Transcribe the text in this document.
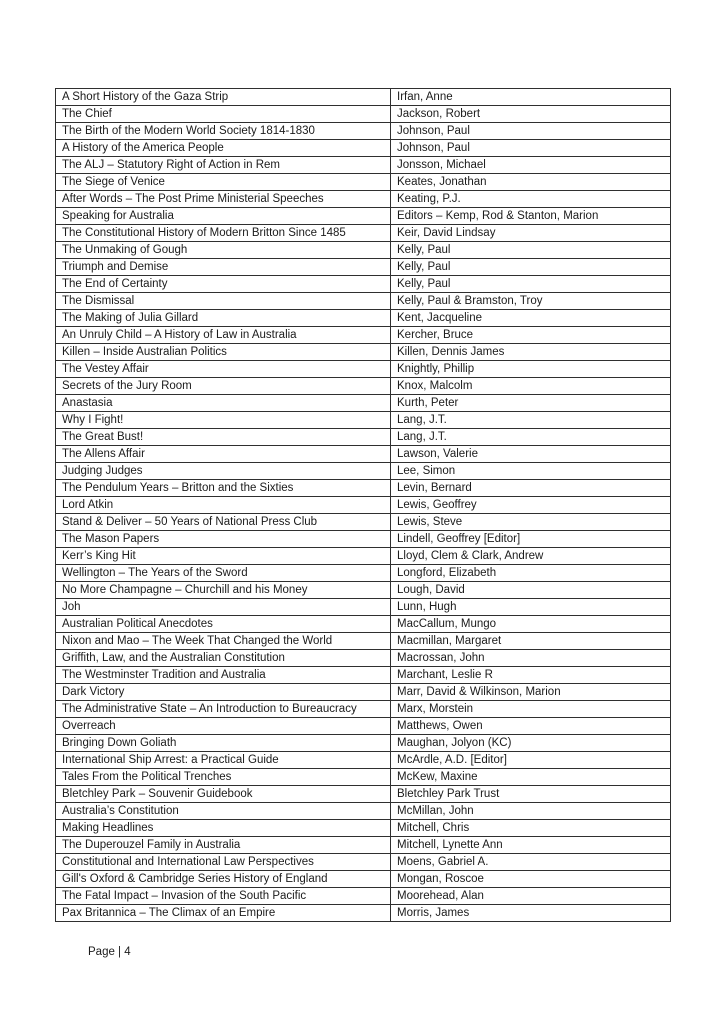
A Short History of the Gaza Strip	Irfan, Anne
The Chief	Jackson, Robert
The Birth of the Modern World Society 1814-1830	Johnson, Paul
A History of the America People	Johnson, Paul
The ALJ – Statutory Right of Action in Rem	Jonsson, Michael
The Siege of Venice	Keates, Jonathan
After Words – The Post Prime Ministerial Speeches	Keating, P.J.
Speaking for Australia	Editors – Kemp, Rod & Stanton, Marion
The Constitutional History of Modern Britton Since 1485	Keir, David Lindsay
The Unmaking of Gough	Kelly, Paul
Triumph and Demise	Kelly, Paul
The End of Certainty	Kelly, Paul
The Dismissal	Kelly, Paul & Bramston, Troy
The Making of Julia Gillard	Kent, Jacqueline
An Unruly Child – A History of Law in Australia	Kercher, Bruce
Killen – Inside Australian Politics	Killen, Dennis James
The Vestey Affair	Knightly, Phillip
Secrets of the Jury Room	Knox, Malcolm
Anastasia	Kurth, Peter
Why I Fight!	Lang, J.T.
The Great Bust!	Lang, J.T.
The Allens Affair	Lawson, Valerie
Judging Judges	Lee, Simon
The Pendulum Years – Britton and the Sixties	Levin, Bernard
Lord Atkin	Lewis, Geoffrey
Stand & Deliver – 50 Years of National Press Club	Lewis, Steve
The Mason Papers	Lindell, Geoffrey [Editor]
Kerr’s King Hit	Lloyd, Clem & Clark, Andrew
Wellington – The Years of the Sword	Longford, Elizabeth
No More Champagne – Churchill and his Money	Lough, David
Joh	Lunn, Hugh
Australian Political Anecdotes	MacCallum, Mungo
Nixon and Mao – The Week That Changed the World	Macmillan, Margaret
Griffith, Law, and the Australian Constitution	Macrossan, John
The Westminster Tradition and Australia	Marchant, Leslie R
Dark Victory	Marr, David & Wilkinson, Marion
The Administrative State – An Introduction to Bureaucracy	Marx, Morstein
Overreach	Matthews, Owen
Bringing Down Goliath	Maughan, Jolyon (KC)
International Ship Arrest: a Practical Guide	McArdle, A.D. [Editor]
Tales From the Political Trenches	McKew, Maxine
Bletchley Park – Souvenir Guidebook	Bletchley Park Trust
Australia’s Constitution	McMillan, John
Making Headlines	Mitchell, Chris
The Duperouzel Family in Australia	Mitchell, Lynette Ann
Constitutional and International Law Perspectives	Moens, Gabriel A.
Gill's Oxford & Cambridge Series History of England	Mongan, Roscoe
The Fatal Impact – Invasion of the South Pacific	Moorehead, Alan
Pax Britannica – The Climax of an Empire	Morris, James
Page | 4
